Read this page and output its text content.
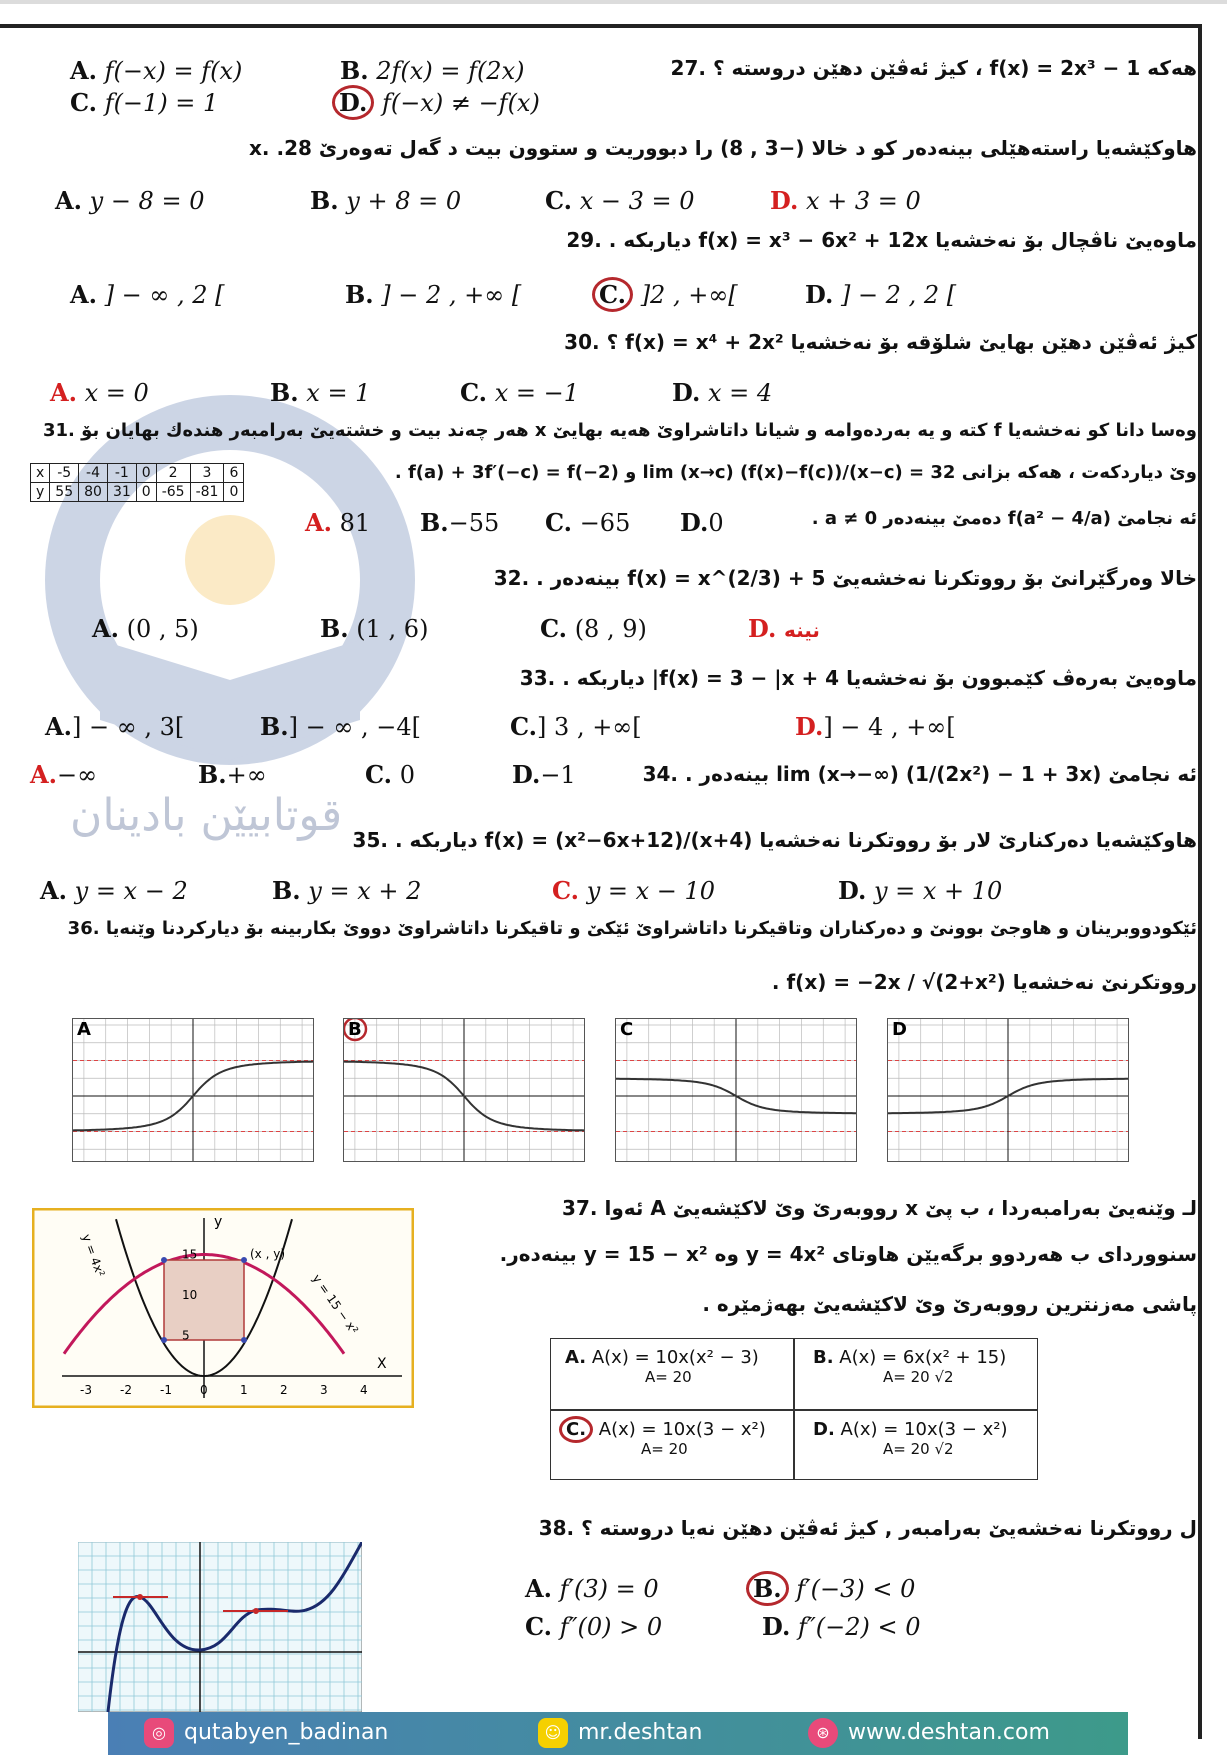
قوتابیێن بادینان
هەکە f(x) = 2x³ − 1 ، کیژ ئەڤێن دهێن دروستە ؟ .27
A. f(−x) = f(x)	B. 2f(x) = f(2x)
C. f(−1) = 1	D. f(−x) ≠ −f(x)
هاوکێشەیا راستەهێلی بینەدەر کو د خالا (−3 , 8) را دبووریت و ستوون بیت د گەل تەوەرێ x. .28
A. y − 8 = 0	B. y + 8 = 0	C. x − 3 = 0	D. x + 3 = 0
ماوەیێ ناڤچال بۆ نەخشەیا f(x) = x³ − 6x² + 12x دیاربکە . .29
A. ] − ∞ , 2 [	B. ] − 2 , +∞ [	C. ]2 , +∞[	D. ] − 2 , 2 [
کیژ ئەڤێن دهێن بهایێ شلۆقە بۆ نەخشەیا f(x) = x⁴ + 2x² ؟ .30
A. x = 0	B. x = 1	C. x = −1	D. x = 4
وەسا دانا کو نەخشەیا f کتە و یە بەردەوامە و شیانا داتاشراوێ هەیە بهایێ x هەر چەند بیت و خشتەیێ بەرامبەر هندەك بهایان بۆ .31
وێ دیاردکەت ، هەکە بزانی lim (x→c) (f(x)−f(c))/(x−c) = 32 و f(a) + 3f′(−c) = f(−2) .
ئە نجامێ f(a² − 4/a) دەمێ بینەدەر a ≠ 0 .
x	-5	-4	-1	0	2	3	6
y	55	80	31	0	-65	-81	0
A. 81 B.−55 C. −65 D.0
خالا وەرگێرانێ بۆ رووتکرنا نەخشەیێ f(x) = x^(2/3) + 5 بینەدەر . .32
A. (0 , 5)	B. (1 , 6)	C. (8 , 9)	D. نینە
ماوەیێ بەرەڤ کێمبوون بۆ نەخشەیا f(x) = 3 − |x + 4| دیاربکە . .33
A.] − ∞ , 3[	B.] − ∞ , −4[	C.] 3 , +∞[	D.] − 4 , +∞[
ئە نجامێ lim (x→−∞) (1/(2x²) − 1 + 3x) بینەدەر . .34
A.−∞	B.+∞	C. 0	D.−1
هاوکێشەیا دەرکنارێ لار بۆ رووتکرنا نەخشەیا f(x) = (x²−6x+12)/(x+4) دیاربکە . .35
A. y = x − 2	B. y = x + 2	C. y = x − 10	D. y = x + 10
ئێکودووبرینان و هاوجێ بوونێ و دەرکناران وتاقیکرنا داتاشراوێ ئێکێ و تاقیکرنا داتاشراوێ دووێ بکاربینە بۆ دیارکردنا وێنەیا .36
رووتکرنێ نەخشەیا f(x) = −2x / √(2+x²) .
A	B	C	D
لـ وێنەیێ بەرامبەردا ، ب پێ x رووبەرێ وێ لاکێشەیێ A ئەوا .37
سنووردای ب هەردوو برگەیێن هاوتای y = 4x² وە y = 15 − x² بینەدەر.
پاشی مەزنترین رووبەرێ وێ لاکێشەیێ بهەژمێرە .
y
X
(x , y)
y = 4x²
y = 15 − x²
-3 -2 -1 0	1	2	3	4
5
10
15
A. A(x) = 10x(x² − 3)
A= 20
B. A(x) = 6x(x² + 15)
A= 20 √2
C. A(x) = 10x(3 − x²)
A= 20
D. A(x) = 10x(3 − x²)
A= 20 √2
ل رووتکرنا نەخشەیێ بەرامبەر , کیژ ئەڤێن دهێن نەیا دروستە ؟ .38
A. f′(3) = 0	B. f′(−3) < 0
C. f″(0) > 0	D. f″(−2) < 0
◎ qutabyen_badinan	☺ mr.deshtan	⊛ www.deshtan.com
